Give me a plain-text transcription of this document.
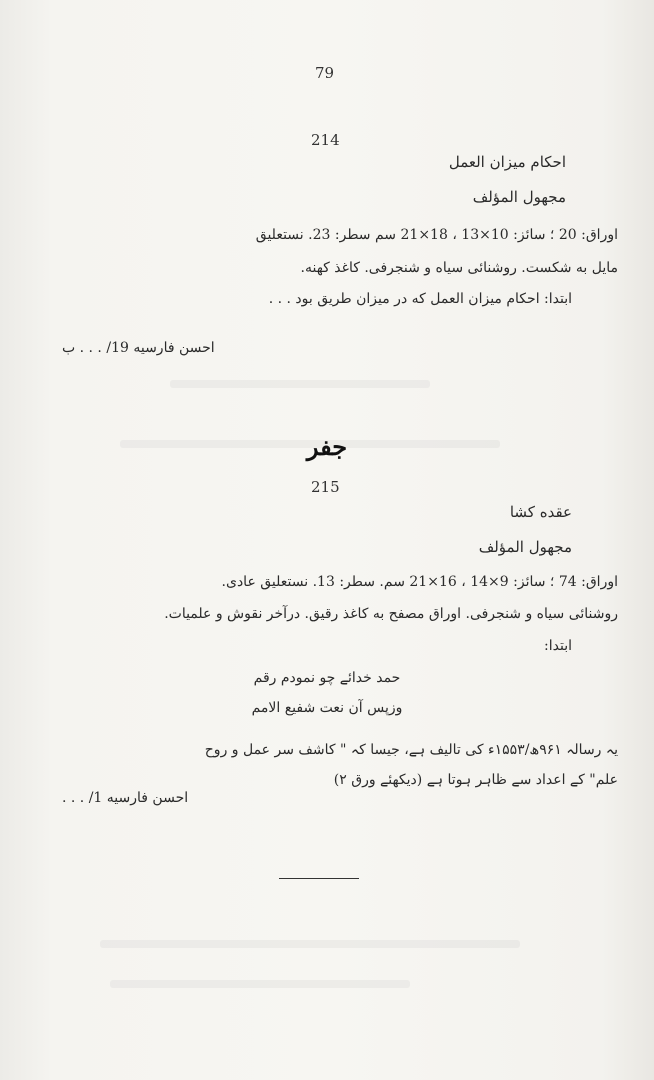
79
214
احکام میزان العمل
مجهول المؤلف
اوراق: 20 ؛ سائز: 10×13 ، 18×21 سم سطر: 23. نستعلیق
مایل به شکست. روشنائی سیاه و شنجرفی. کاغذ کهنه.
ابتدا: احکام میزان العمل که در میزان طریق بود . . .
احسن فارسیه 19/ . . . ب
جفر
215
عقده کشا
مجهول المؤلف
اوراق: 74 ؛ سائز: 9×14 ، 16×21 سم. سطر: 13. نستعلیق عادی.
روشنائی سیاه و شنجرفی. اوراق مصفح به کاغذ رقیق. درآخر نقوش و علمیات.
ابتدا:
حمد خدائے چو نمودم رقم
وزپس آن نعت شفیع الامم
یہ رسالہ ۹۶۱ھ/۱۵۵۳ء کی تالیف ہے، جیسا کہ " کاشف سر عمل و روح
علم" کے اعداد سے ظاہر ہوتا ہے (دیکھئے ورق ۲)
احسن فارسیه 1/ . . .
